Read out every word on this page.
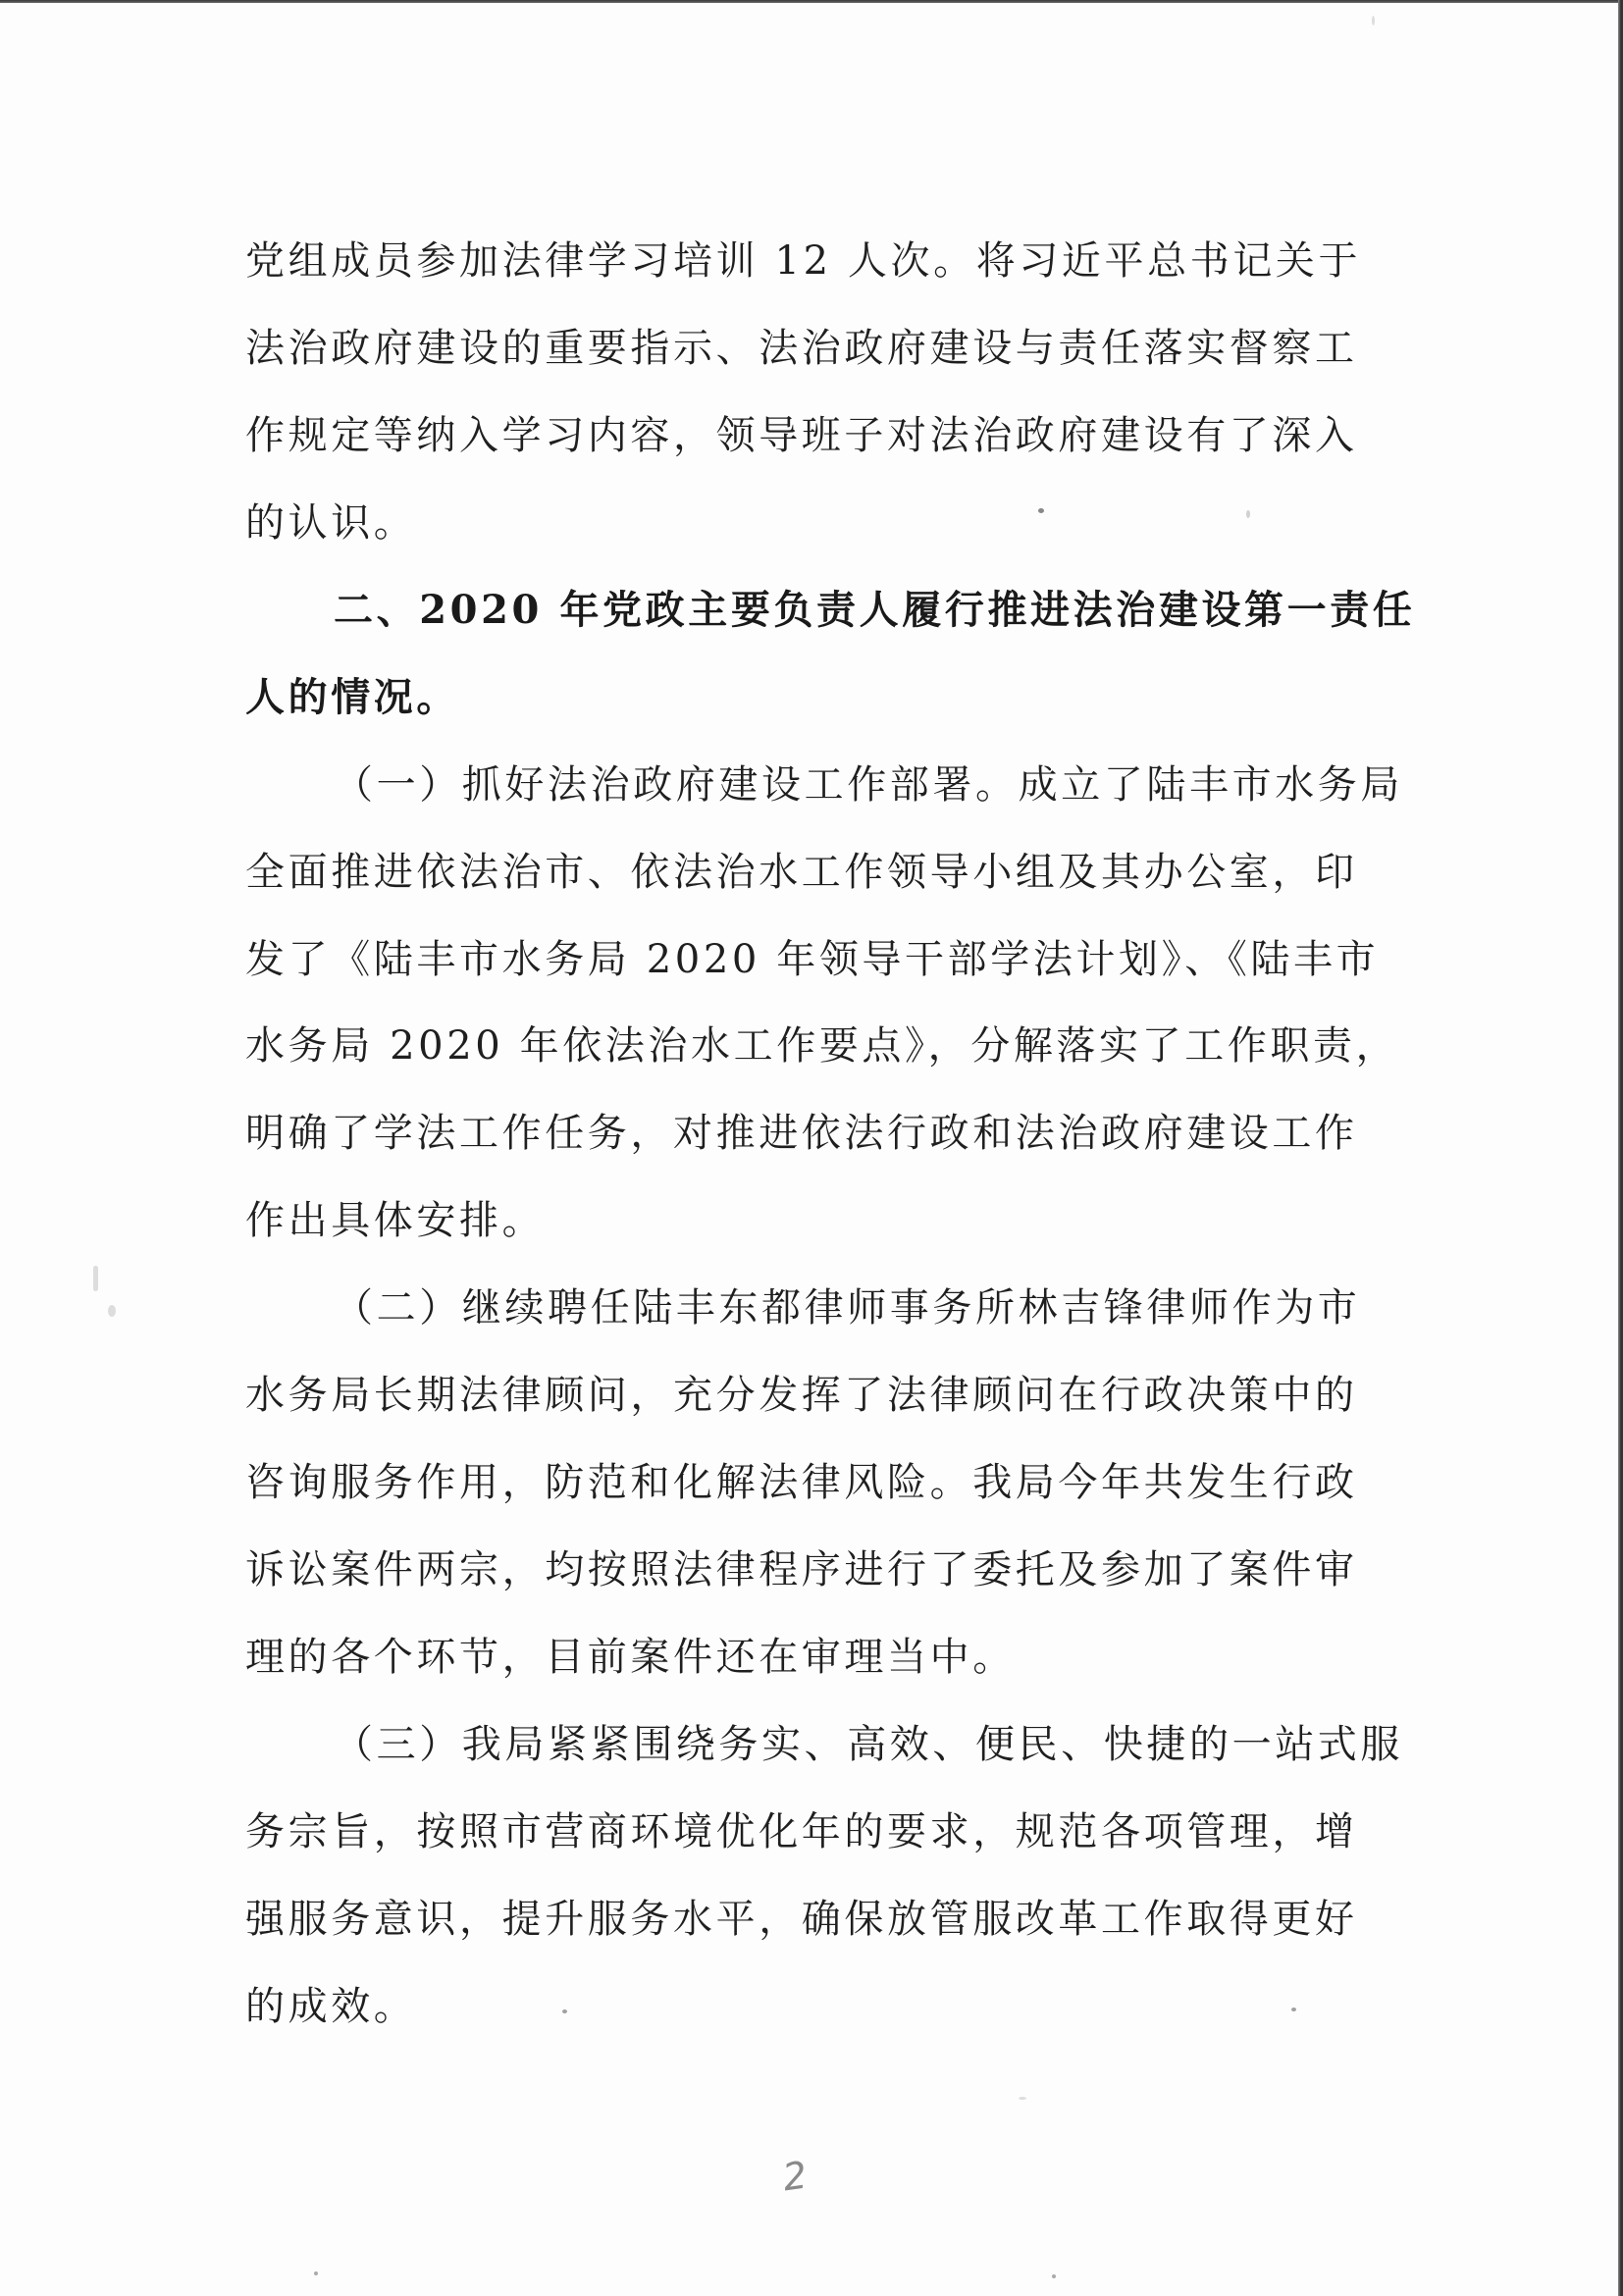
党组成员参加法律学习培训 12 人次。将习近平总书记关于
法治政府建设的重要指示、法治政府建设与责任落实督察工
作规定等纳入学习内容，领导班子对法治政府建设有了深入
的认识。
二、2020 年党政主要负责人履行推进法治建设第一责任
人的情况。
（一）抓好法治政府建设工作部署。成立了陆丰市水务局
全面推进依法治市、依法治水工作领导小组及其办公室，印
发了《陆丰市水务局 2020 年领导干部学法计划》、《陆丰市
水务局 2020 年依法治水工作要点》，分解落实了工作职责，
明确了学法工作任务，对推进依法行政和法治政府建设工作
作出具体安排。
（二）继续聘任陆丰东都律师事务所林吉锋律师作为市
水务局长期法律顾问，充分发挥了法律顾问在行政决策中的
咨询服务作用，防范和化解法律风险。我局今年共发生行政
诉讼案件两宗，均按照法律程序进行了委托及参加了案件审
理的各个环节，目前案件还在审理当中。
（三）我局紧紧围绕务实、高效、便民、快捷的一站式服
务宗旨，按照市营商环境优化年的要求，规范各项管理，增
强服务意识，提升服务水平，确保放管服改革工作取得更好
的成效。
2
